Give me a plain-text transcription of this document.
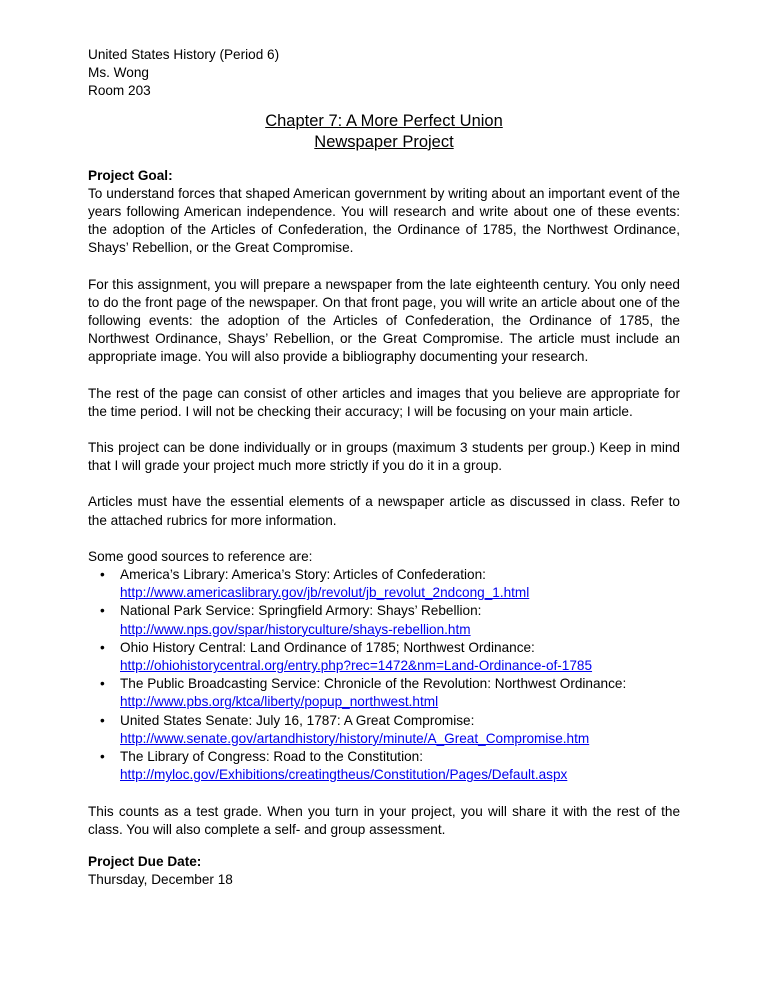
United States History (Period 6)
Ms. Wong
Room 203
Chapter 7: A More Perfect Union
Newspaper Project
Project Goal:

To understand forces that shaped American government by writing about an important event of the years following American independence. You will research and write about one of these events: the adoption of the Articles of Confederation, the Ordinance of 1785, the Northwest Ordinance, Shays’ Rebellion, or the Great Compromise.

For this assignment, you will prepare a newspaper from the late eighteenth century. You only need to do the front page of the newspaper. On that front page, you will write an article about one of the following events: the adoption of the Articles of Confederation, the Ordinance of 1785, the Northwest Ordinance, Shays’ Rebellion, or the Great Compromise. The article must include an appropriate image. You will also provide a bibliography documenting your research.

The rest of the page can consist of other articles and images that you believe are appropriate for the time period. I will not be checking their accuracy; I will be focusing on your main article.

This project can be done individually or in groups (maximum 3 students per group.) Keep in mind that I will grade your project much more strictly if you do it in a group.

Articles must have the essential elements of a newspaper article as discussed in class. Refer to the attached rubrics for more information.

Some good sources to reference are:

• America’s Library: America’s Story: Articles of Confederation:
http://www.americaslibrary.gov/jb/revolut/jb_revolut_2ndcong_1.html
• National Park Service: Springfield Armory: Shays’ Rebellion:
http://www.nps.gov/spar/historyculture/shays-rebellion.htm
• Ohio History Central: Land Ordinance of 1785; Northwest Ordinance:
http://ohiohistorycentral.org/entry.php?rec=1472&nm=Land-Ordinance-of-1785
• The Public Broadcasting Service: Chronicle of the Revolution: Northwest Ordinance:
http://www.pbs.org/ktca/liberty/popup_northwest.html
• United States Senate: July 16, 1787: A Great Compromise:
http://www.senate.gov/artandhistory/history/minute/A_Great_Compromise.htm
• The Library of Congress: Road to the Constitution:
http://myloc.gov/Exhibitions/creatingtheus/Constitution/Pages/Default.aspx

This counts as a test grade. When you turn in your project, you will share it with the rest of the class. You will also complete a self- and group assessment.

Project Due Date:
Thursday, December 18
